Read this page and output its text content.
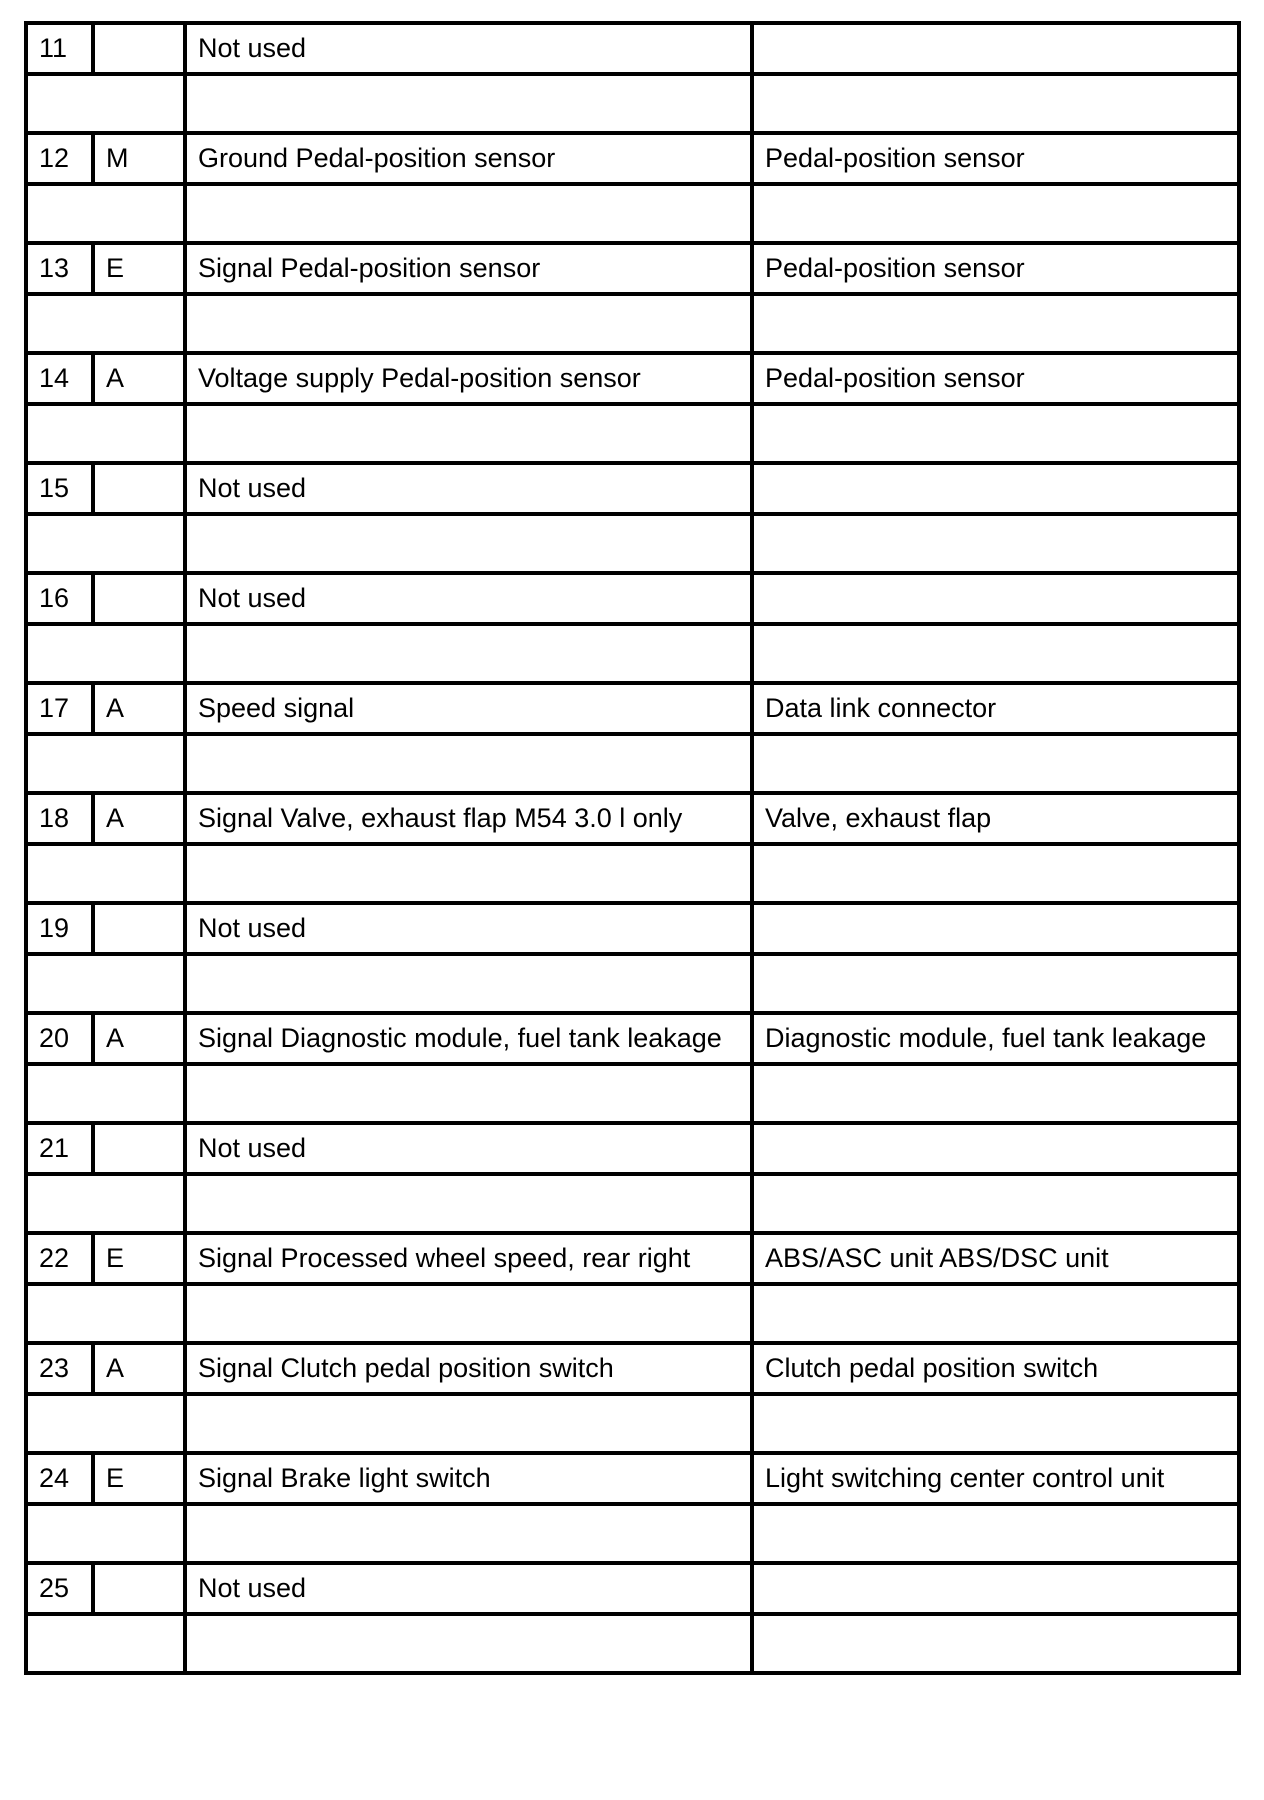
11		Not used	

12	M	Ground Pedal-position sensor	Pedal-position sensor

13	E	Signal Pedal-position sensor	Pedal-position sensor

14	A	Voltage supply Pedal-position sensor	Pedal-position sensor

15		Not used	

16		Not used	

17	A	Speed signal	Data link connector

18	A	Signal Valve, exhaust flap M54 3.0 l only	Valve, exhaust flap

19		Not used	

20	A	Signal Diagnostic module, fuel tank leakage	Diagnostic module, fuel tank leakage

21		Not used	

22	E	Signal Processed wheel speed, rear right	ABS/ASC unit ABS/DSC unit

23	A	Signal Clutch pedal position switch	Clutch pedal position switch

24	E	Signal Brake light switch	Light switching center control unit

25		Not used	
